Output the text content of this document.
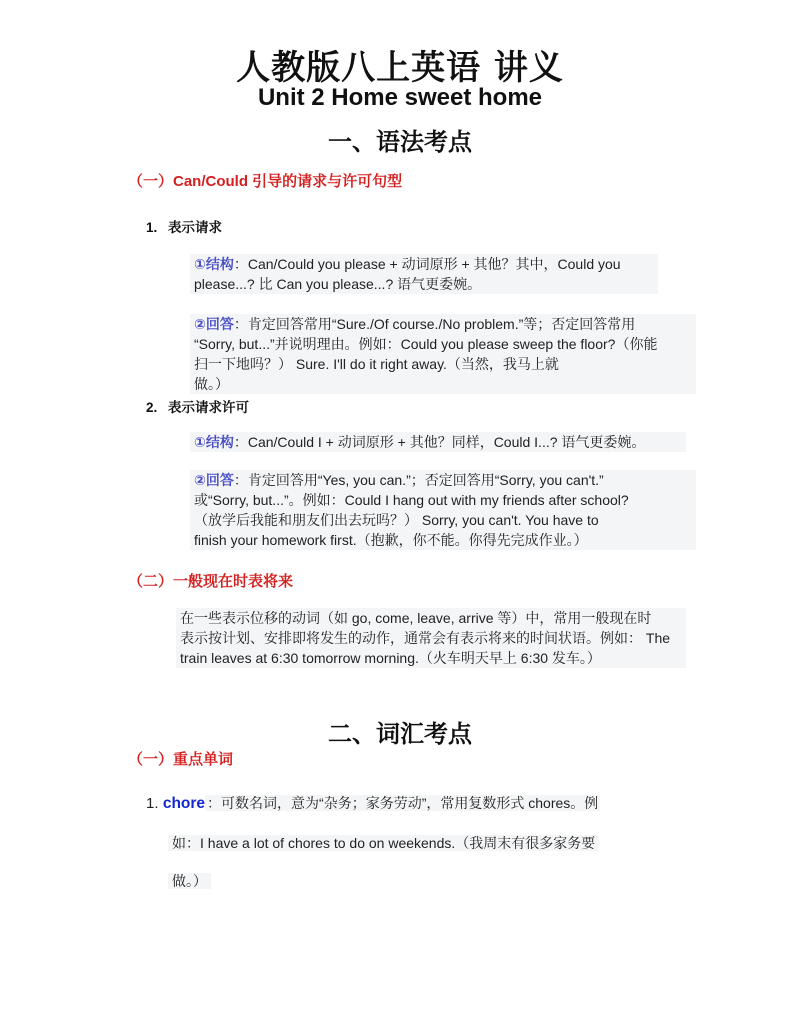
人教版八上英语 讲义
Unit 2 Home sweet home
一、语法考点
（一）Can/Could 引导的请求与许可句型
1. 表示请求
①结构：Can/Could you please + 动词原形 + 其他？其中，Could you
please...? 比 Can you please...? 语气更委婉。
②回答：肯定回答常用“Sure./Of course./No problem.”等；否定回答常用
“Sorry, but...”并说明理由。例如：Could you please sweep the floor?（你能
扫一下地吗？） Sure. I'll do it right away.（当然，我马上就
做。）
2. 表示请求许可
①结构：Can/Could I + 动词原形 + 其他？同样，Could I...? 语气更委婉。
②回答：肯定回答用“Yes, you can.”；否定回答用“Sorry, you can't.”
或“Sorry, but...”。例如：Could I hang out with my friends after school?
（放学后我能和朋友们出去玩吗？） Sorry, you can't. You have to
finish your homework first.（抱歉，你不能。你得先完成作业。）
（二）一般现在时表将来
在一些表示位移的动词（如 go, come, leave, arrive 等）中，常用一般现在时
表示按计划、安排即将发生的动作，通常会有表示将来的时间状语。例如： The
train leaves at 6:30 tomorrow morning.（火车明天早上 6:30 发车。）
二、词汇考点
（一）重点单词
1. chore ：可数名词，意为“杂务；家务劳动”，常用复数形式 chores。例
如：I have a lot of chores to do on weekends.（我周末有很多家务要
做。）
